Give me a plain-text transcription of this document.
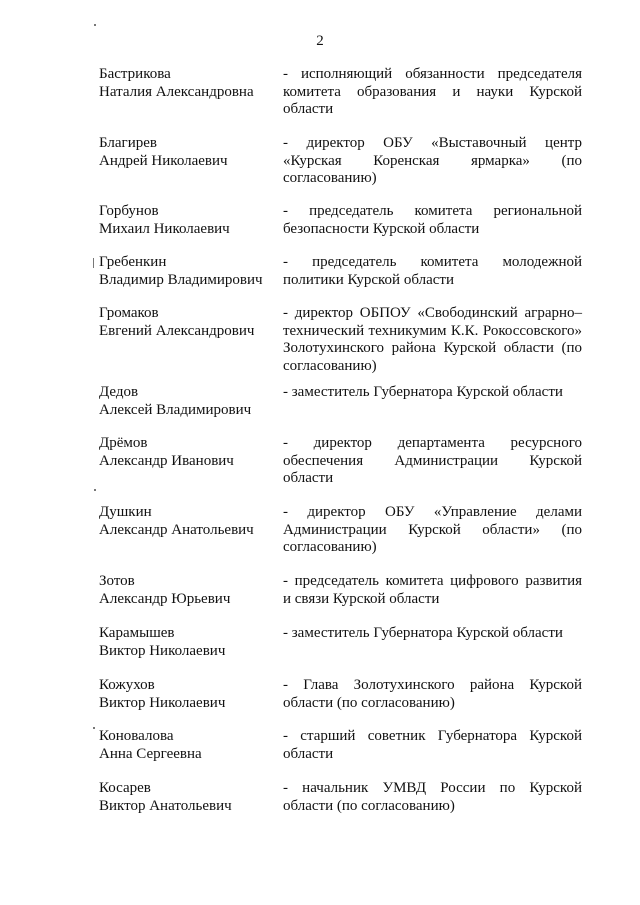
2
Бастрикова
Наталия Александровна
- исполняющий обязанности председателя
комитета образования и науки Курской
области
Благирев
Андрей Николаевич
- директор ОБУ «Выставочный центр
«Курская Коренская ярмарка» (по
согласованию)
Горбунов
Михаил Николаевич
- председатель комитета региональной
безопасности Курской области
Гребенкин
Владимир Владимирович
- председатель комитета молодежной
политики Курской области
Громаков
Евгений Александрович
- директор ОБПОУ «Свободинский аграрно–
технический техникумим К.К. Рокоссовского»
Золотухинского района Курской области (по
согласованию)
Дедов
Алексей Владимирович
- заместитель Губернатора Курской области
Дрёмов
Александр Иванович
- директор департамента ресурсного
обеспечения Администрации Курской
области
Душкин
Александр Анатольевич
- директор ОБУ «Управление делами
Администрации Курской области» (по
согласованию)
Зотов
Александр Юрьевич
- председатель комитета цифрового развития
и связи Курской области
Карамышев
Виктор Николаевич
- заместитель Губернатора Курской области
Кожухов
Виктор Николаевич
- Глава Золотухинского района Курской
области (по согласованию)
Коновалова
Анна Сергеевна
- старший советник Губернатора Курской
области
Косарев
Виктор Анатольевич
- начальник УМВД России по Курской
области (по согласованию)
